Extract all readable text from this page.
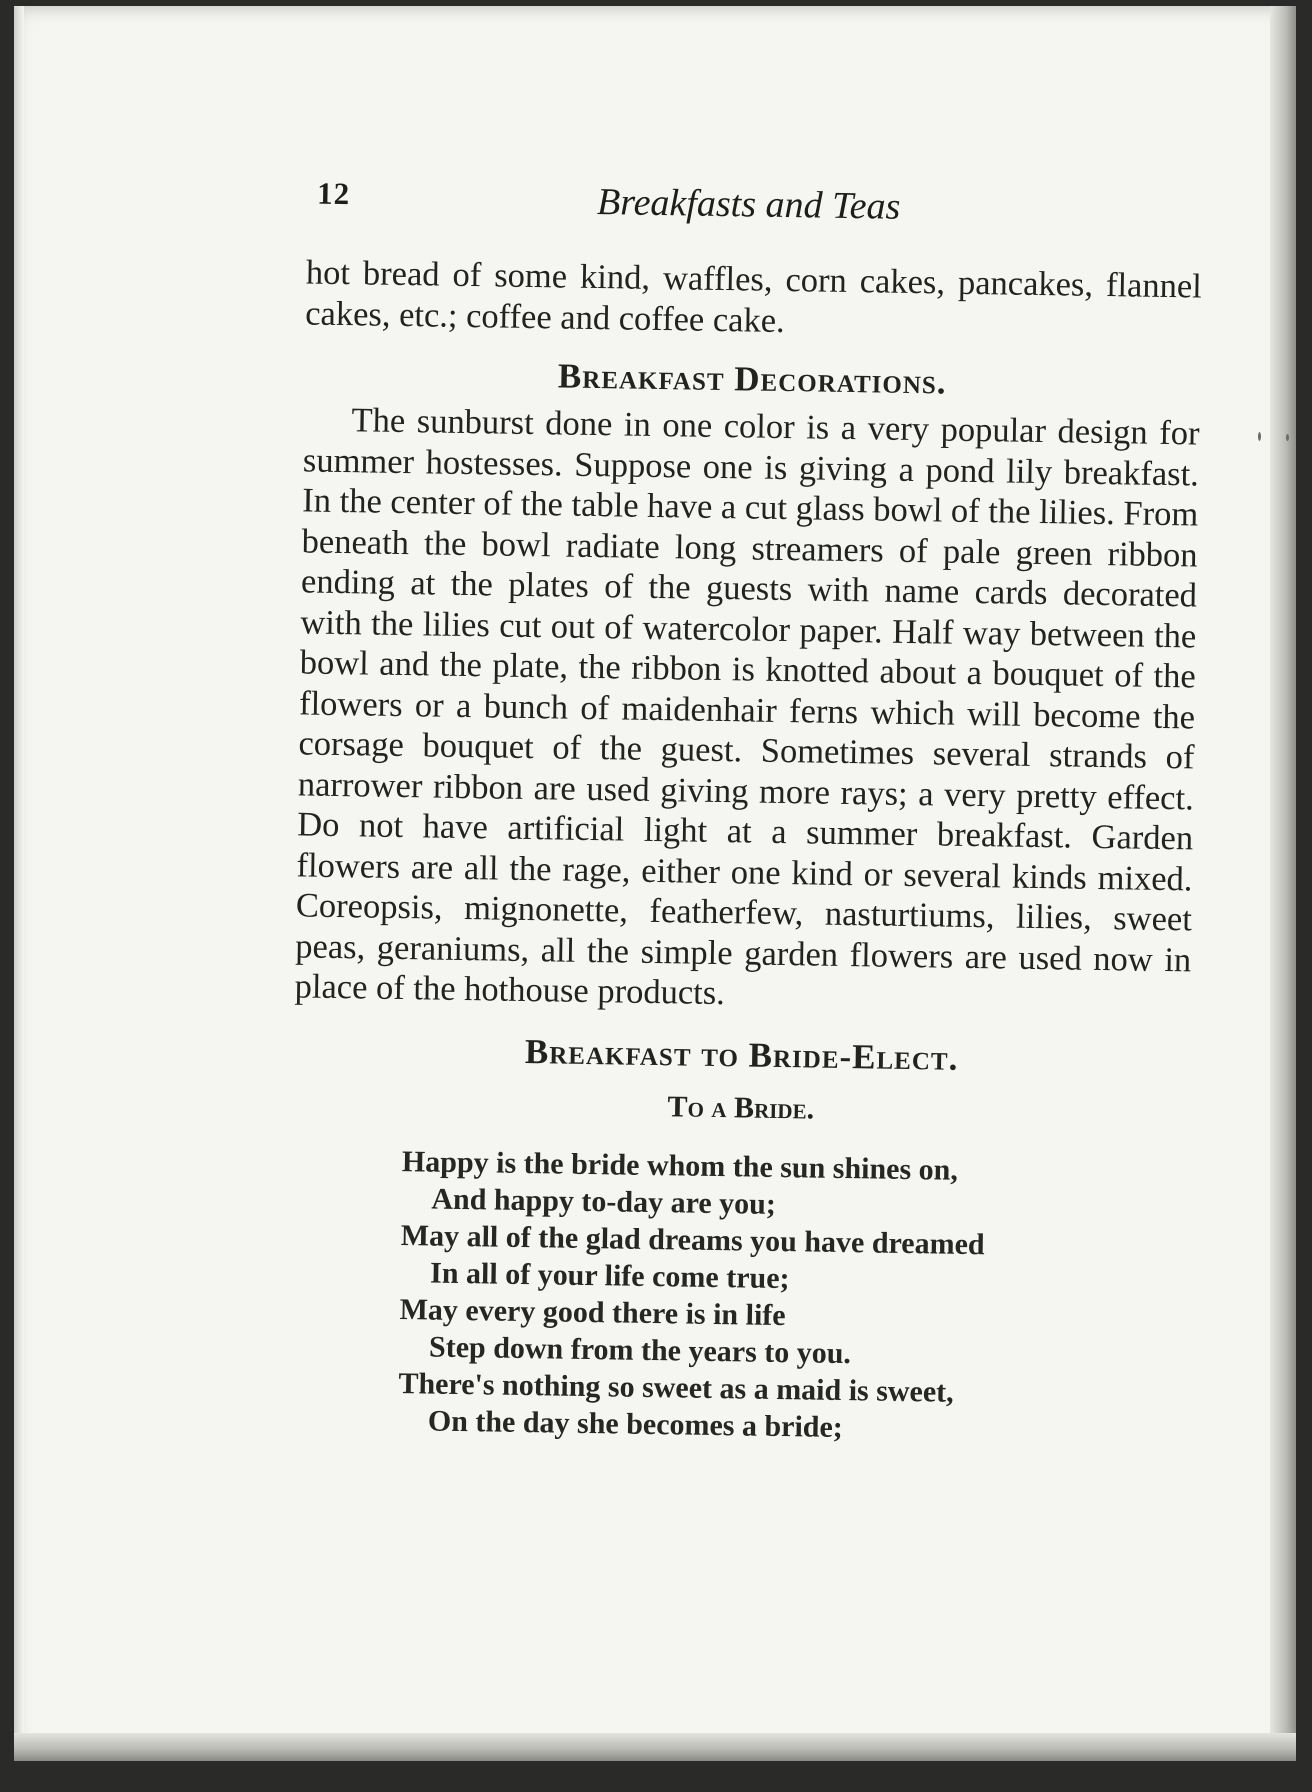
12	Breakfasts and Teas

hot bread of some kind, waffles, corn cakes, pancakes, flannel cakes, etc.; coffee and coffee cake.

Breakfast Decorations.

The sunburst done in one color is a very popular design for summer hostesses. Suppose one is giving a pond lily breakfast. In the center of the table have a cut glass bowl of the lilies. From beneath the bowl radiate long streamers of pale green ribbon ending at the plates of the guests with name cards decorated with the lilies cut out of watercolor paper. Half way between the bowl and the plate, the ribbon is knotted about a bouquet of the flowers or a bunch of maidenhair ferns which will become the corsage bouquet of the guest. Sometimes several strands of narrower ribbon are used giving more rays; a very pretty effect. Do not have artificial light at a summer breakfast. Garden flowers are all the rage, either one kind or several kinds mixed. Coreopsis, mignonette, featherfew, nasturtiums, lilies, sweet peas, geraniums, all the simple garden flowers are used now in place of the hothouse products.

Breakfast to Bride-Elect.
To a Bride.
Happy is the bride whom the sun shines on,
And happy to-day are you;
May all of the glad dreams you have dreamed
In all of your life come true;
May every good there is in life
Step down from the years to you.
There's nothing so sweet as a maid is sweet,
On the day she becomes a bride;
